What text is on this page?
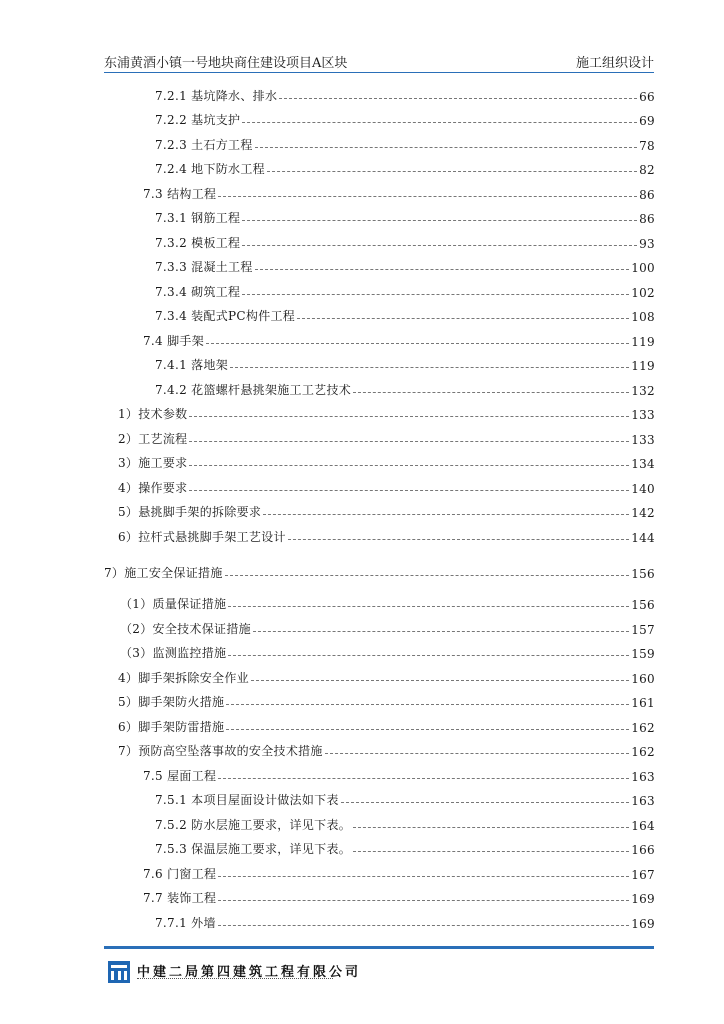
东浦黄酒小镇一号地块商住建设项目A区块	施工组织设计
7.2.1 基坑降水、排水	66
7.2.2 基坑支护	69
7.2.3 土石方工程	78
7.2.4 地下防水工程	82
7.3 结构工程	86
7.3.1 钢筋工程	86
7.3.2 模板工程	93
7.3.3 混凝土工程	100
7.3.4 砌筑工程	102
7.3.4 装配式PC构件工程	108
7.4 脚手架	119
7.4.1 落地架	119
7.4.2 花篮螺杆悬挑架施工工艺技术	132
1）技术参数	133
2）工艺流程	133
3）施工要求	134
4）操作要求	140
5）悬挑脚手架的拆除要求	142
6）拉杆式悬挑脚手架工艺设计	144
7）施工安全保证措施	156
（1）质量保证措施	156
（2）安全技术保证措施	157
（3）监测监控措施	159
4）脚手架拆除安全作业	160
5）脚手架防火措施	161
6）脚手架防雷措施	162
7）预防高空坠落事故的安全技术措施	162
7.5 屋面工程	163
7.5.1 本项目屋面设计做法如下表	163
7.5.2 防水层施工要求，详见下表。	164
7.5.3 保温层施工要求，详见下表。	166
7.6 门窗工程	167
7.7 装饰工程	169
7.7.1 外墙	169
中建二局第四建筑工程有限公司
